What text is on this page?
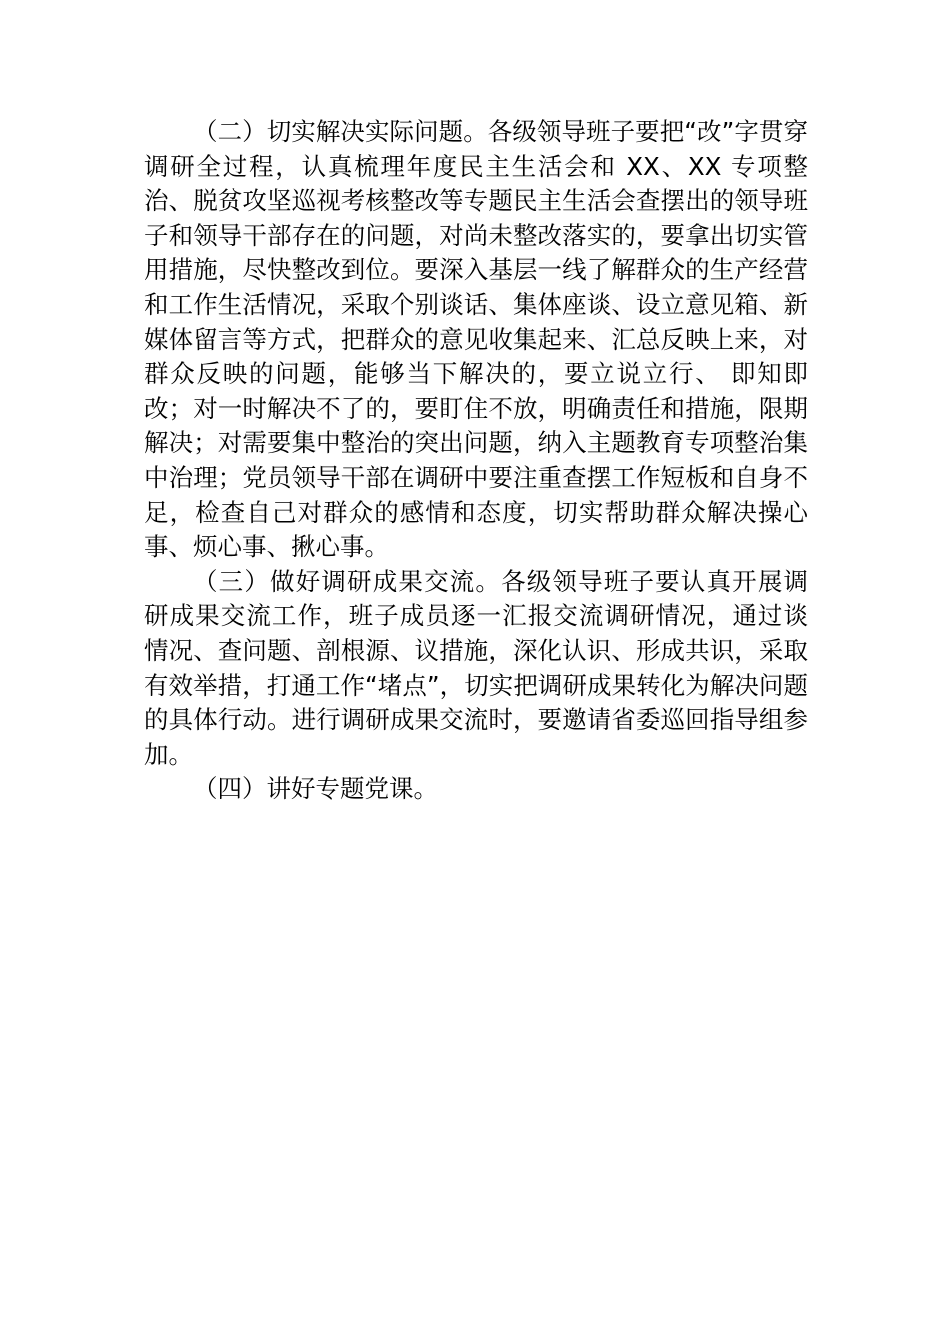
（二）切实解决实际问题。各级领导班子要把“改”字贯穿调研全过程，认真梳理年度民主生活会和 XX、XX 专项整治、脱贫攻坚巡视考核整改等专题民主生活会查摆出的领导班子和领导干部存在的问题，对尚未整改落实的，要拿出切实管用措施，尽快整改到位。要深入基层一线了解群众的生产经营和工作生活情况，采取个别谈话、集体座谈、设立意见箱、新媒体留言等方式，把群众的意见收集起来、汇总反映上来，对群众反映的问题，能够当下解决的，要立说立行、 即知即改；对一时解决不了的，要盯住不放，明确责任和措施，限期解决；对需要集中整治的突出问题，纳入主题教育专项整治集中治理；党员领导干部在调研中要注重查摆工作短板和自身不足，检查自己对群众的感情和态度，切实帮助群众解决操心事、烦心事、揪心事。

（三）做好调研成果交流。各级领导班子要认真开展调 研成果交流工作，班子成员逐一汇报交流调研情况，通过谈 情况、查问题、剖根源、议措施，深化认识、形成共识，采取有效举措，打通工作“堵点”，切实把调研成果转化为解决问题的具体行动。进行调研成果交流时，要邀请省委巡回指导组参加。

（四）讲好专题党课。
